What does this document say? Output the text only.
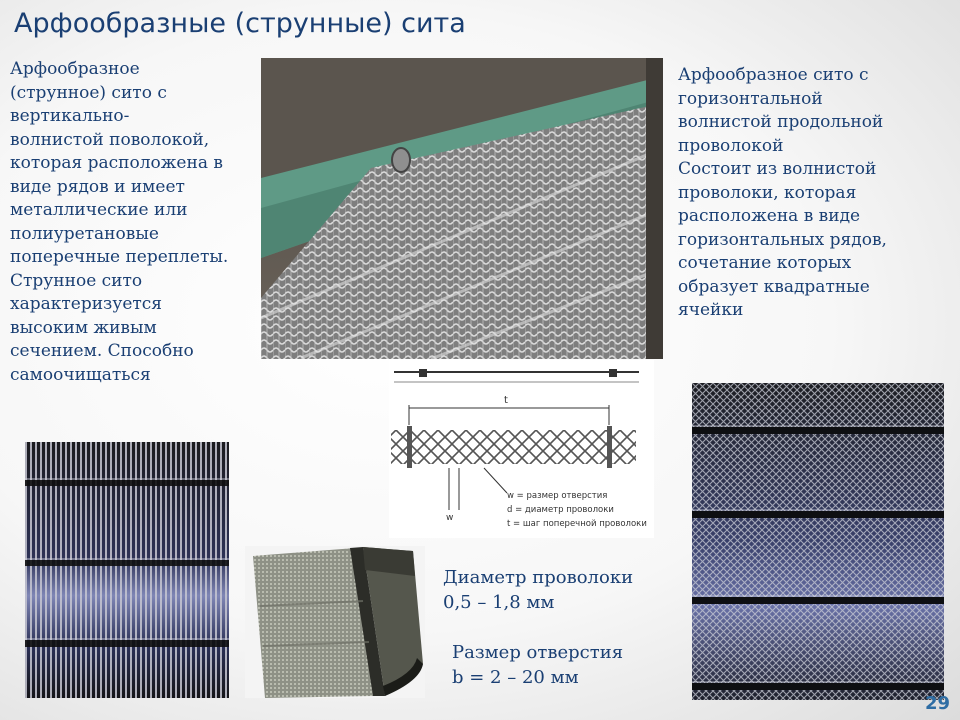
Арфообразные (струнные) сита
Арфообразное
(струнное) сито с
вертикально-
волнистой поволокой,
которая расположена в
виде рядов и имеет
металлические или
полиуретановые
поперечные переплеты.
Струнное сито
характеризуется
высоким живым
сечением. Способно
самоочищаться
Арфообразное сито с
горизонтальной
волнистой продольной
проволокой
Состоит из волнистой
проволоки, которая
расположена в виде
горизонтальных рядов,
сочетание которых
образует квадратные
ячейки
t
w
w = размер отверстия
d = диаметр проволоки
t = шаг поперечной проволоки
Диаметр проволоки
0,5 – 1,8 мм
Размер отверстия
b = 2 – 20 мм
29
